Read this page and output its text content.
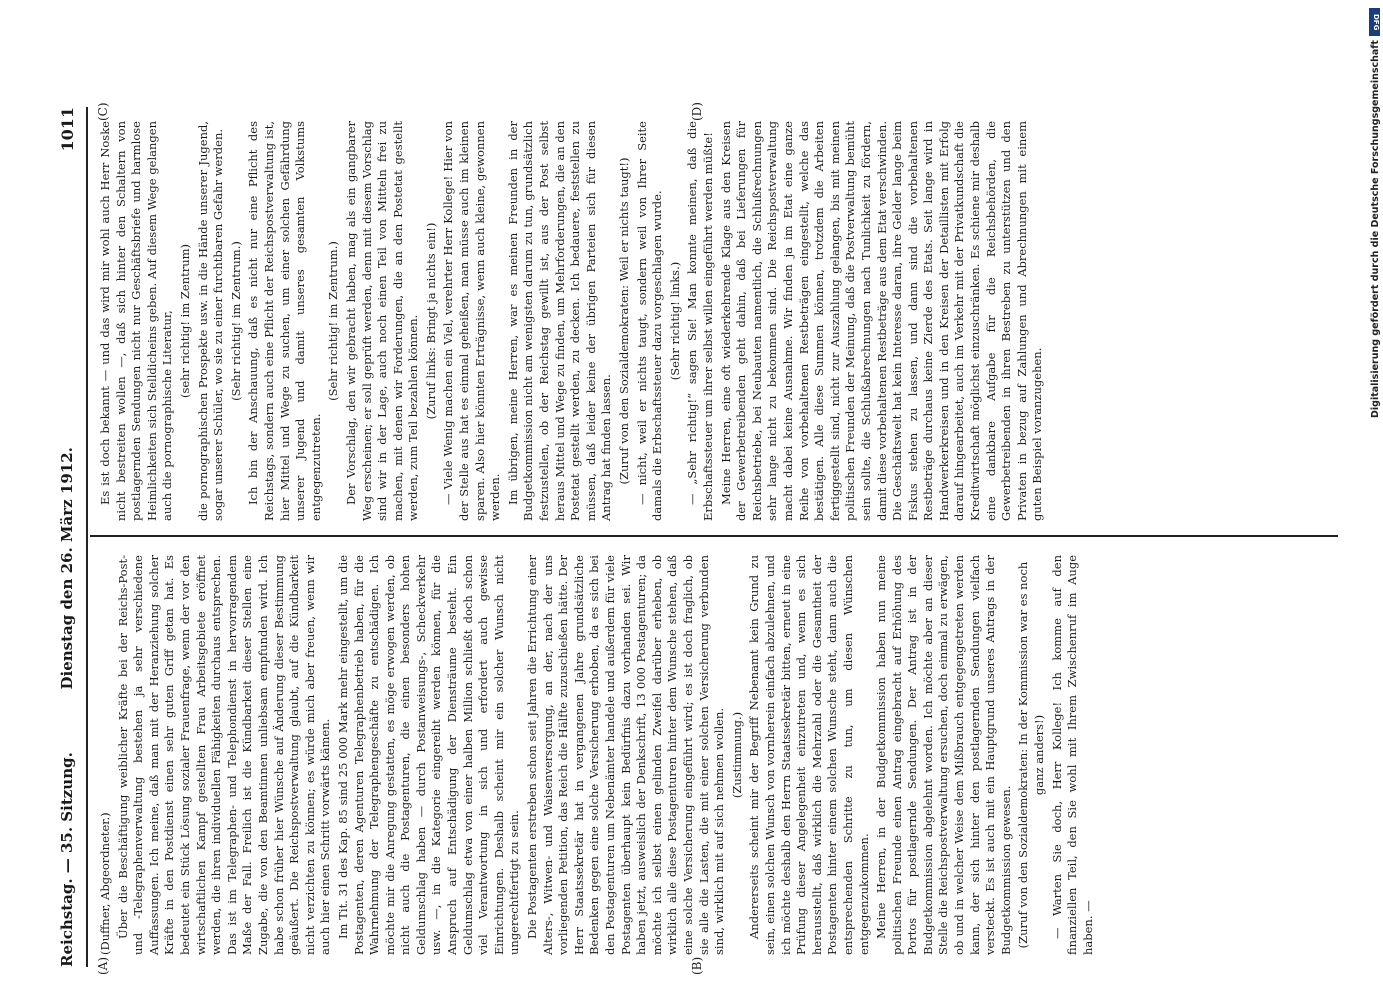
DFG
Digitalisierung gefördert durch die Deutsche Forschungsgemeinschaft
Reichstag. — 35. Sitzung.            Dienstag den 26. März 1912.
1011
(A)	(B)
(C)	(D)

(Duffner, Abgeordneter.) Über die Beschäftigung weiblicher Kräfte bei der Reichs-Post- und -Telegraphenverwaltung bestehen ja sehr verschiedene Auffassungen. Ich meine, daß man mit der Heranziehung solcher Kräfte in den Postdienst einen sehr guten Griff getan hat. Es bedeutet ein Stück Lösung sozialer Frauenfrage, wenn der vor den wirtschaftlichen Kampf gestellten Frau Arbeitsgebiete eröffnet werden, die ihren individuellen Fähigkeiten durchaus entsprechen. Das ist im Telegraphen- und Telephondienst in hervorragendem Maße der Fall. Freilich ist die Kündbarkeit dieser Stellen eine Zugabe, die von den Beamtinnen unliebsam empfunden wird. Ich habe schon früher hier Wünsche auf Änderung dieser Bestimmung geäußert. Die Reichspostverwaltung glaubt, auf die Kündbarkeit nicht verzichten zu können; es würde mich aber freuen, wenn wir auch hier einen Schritt vorwärts kämen. Im Tit. 31 des Kap. 85 sind 25 000 Mark mehr eingestellt, um die Postagenten, deren Agenturen Telegraphenbetrieb haben, für die Wahrnehmung der Telegraphengeschäfte zu entschädigen. Ich möchte mir die Anregung gestatten, es möge erwogen werden, ob nicht auch die Postagenturen, die einen besonders hohen Geldumschlag haben — durch Postanweisungs-, Scheckverkehr usw. —, in die Kategorie eingereiht werden können, für die Anspruch auf Entschädigung der Diensträume besteht. Ein Geldumschlag etwa von einer halben Million schließt doch schon viel Verantwortung in sich und erfordert auch gewisse Einrichtungen. Deshalb scheint mir ein solcher Wunsch nicht ungerechtfertigt zu sein. Die Postagenten erstreben schon seit Jahren die Errichtung einer Alters-, Witwen- und Waisenversorgung, an der, nach der uns vorliegenden Petition, das Reich die Hälfte zuzuschießen hätte. Der Herr Staatssekretär hat in vergangenen Jahre grundsätzliche Bedenken gegen eine solche Versicherung erhoben, da es sich bei den Postagenturen um Nebenämter handele und außerdem für viele Postagenten überhaupt kein Bedürfnis dazu vorhanden sei. Wir haben jetzt, ausweislich der Denkschrift, 13 000 Postagenturen; da möchte ich selbst einen gelinden Zweifel darüber erheben, ob wirklich alle diese Postagenturen hinter dem Wunsche stehen, daß eine solche Versicherung eingeführt wird; es ist doch fraglich, ob sie alle die Lasten, die mit einer solchen Versicherung verbunden sind, wirklich mit auf sich nehmen wollen. (Zustimmung.) Andererseits scheint mir der Begriff Nebenamt kein Grund zu sein, einen solchen Wunsch von vornherein einfach abzulehnen, und ich möchte deshalb den Herrn Staatssekretär bitten, erneut in eine Prüfung dieser Angelegenheit einzutreten und, wenn es sich herausstellt, daß wirklich die Mehrzahl oder die Gesamtheit der Postagenten hinter einem solchen Wunsche steht, dann auch die entsprechenden Schritte zu tun, um diesen Wünschen entgegenzukommen. Meine Herren, in der Budgetkommission haben nun meine politischen Freunde einen Antrag eingebracht auf Erhöhung des Portos für postlagernde Sendungen. Der Antrag ist in der Budgetkommission abgelehnt worden. Ich möchte aber an dieser Stelle die Reichspostverwaltung ersuchen, doch einmal zu erwägen, ob und in welcher Weise dem Mißbrauch entgegengetreten werden kann, der sich hinter den postlagernden Sendungen vielfach versteckt. Es ist auch mit ein Hauptgrund unseres Antrags in der Budgetkommission gewesen. (Zuruf von den Sozialdemokraten: In der Kommission war es noch ganz anders!) — Warten Sie doch, Herr Kollege! Ich komme auf den finanziellen Teil, den Sie wohl mit Ihrem Zwischenruf im Auge haben. —

Es ist doch bekannt — und das wird mir wohl auch Herr Noske nicht bestreiten wollen —, daß sich hinter den Schaltern von postlagernden Sendungen nicht nur Geschäftsbriefe und harmlose Heimlichkeiten sich Stelldicheins geben. Auf diesem Wege gelangen auch die pornographische Literatur, (sehr richtig! im Zentrum) die pornographischen Prospekte usw. in die Hände unserer Jugend, sogar unserer Schüler, wo sie zu einer furchtbaren Gefahr werden. (Sehr richtig! im Zentrum.) Ich bin der Anschauung, daß es nicht nur eine Pflicht des Reichstags, sondern auch eine Pflicht der Reichspostverwaltung ist, hier Mittel und Wege zu suchen, um einer solchen Gefährdung unserer Jugend und damit unseres gesamten Volkstums entgegenzutreten.

(Sehr richtig! im Zentrum.) Der Vorschlag, den wir gebracht haben, mag als ein gangbarer Weg erscheinen; er soll geprüft werden, denn mit diesem Vorschlag sind wir in der Lage, auch noch einen Teil von Mitteln frei zu machen, mit denen wir Forderungen, die an den Postetat gestellt werden, zum Teil bezahlen können. (Zuruf links: Bringt ja nichts ein!) — Viele Wenig machen ein Viel, verehrter Herr Kollege! Hier von der Stelle aus hat es einmal geheißen, man müsse auch im kleinen sparen. Also hier könnten Erträgnisse, wenn auch kleine, gewonnen werden. Im übrigen, meine Herren, war es meinen Freunden in der Budgetkommission nicht am wenigsten darum zu tun, grundsätzlich festzustellen, ob der Reichstag gewillt ist, aus der Post selbst heraus Mittel und Wege zu finden, um Mehrforderungen, die an den Postetat gestellt werden, zu decken. Ich bedauere, feststellen zu müssen, daß leider keine der übrigen Parteien sich für diesen Antrag hat finden lassen. (Zuruf von den Sozialdemokraten: Weil er nichts taugt!) — nicht, weil er nichts taugt, sondern weil von Ihrer Seite damals die Erbschaftssteuer dazu vorgeschlagen wurde. (Sehr richtig! links.) — „Sehr richtig!“ sagen Sie! Man konnte meinen, daß die Erbschaftssteuer um ihrer selbst willen eingeführt werden müßte! Meine Herren, eine oft wiederkehrende Klage aus den Kreisen der Gewerbetreibenden geht dahin, daß bei Lieferungen für Reichsbetriebe, bei Neubauten namentlich, die Schlußrechnungen sehr lange nicht zu bekommen sind. Die Reichspostverwaltung macht dabei keine Ausnahme. Wir finden ja im Etat eine ganze Reihe von vorbehaltenen Restbeträgen eingestellt, welche das bestätigen. Alle diese Summen können, trotzdem die Arbeiten fertiggestellt sind, nicht zur Auszahlung gelangen, bis mit meinen politischen Freunden der Meinung, daß die Postverwaltung bemüht sein sollte, die Schlußabrechnungen nach Tunlichkeit zu fördern, damit diese vorbehaltenen Restbeträge aus dem Etat verschwinden. Die Geschäftswelt hat kein Interesse daran, ihre Gelder lange beim Fiskus stehen zu lassen, und dann sind die vorbehaltenen Restbeträge durchaus keine Zierde des Etats. Seit lange wird in Handwerkerkreisen und in den Kreisen der Detaillisten mit Erfolg darauf hingearbeitet, auch im Verkehr mit der Privatkundschaft die Kreditwirtschaft möglichst einzuschränken. Es schiene mir deshalb eine dankbare Aufgabe für die Reichsbehörden, die Gewerbetreibenden in ihren Bestreben zu unterstützen und den Privaten in bezug auf Zahlungen und Abrechnungen mit einem guten Beispiel voranzugehen.
